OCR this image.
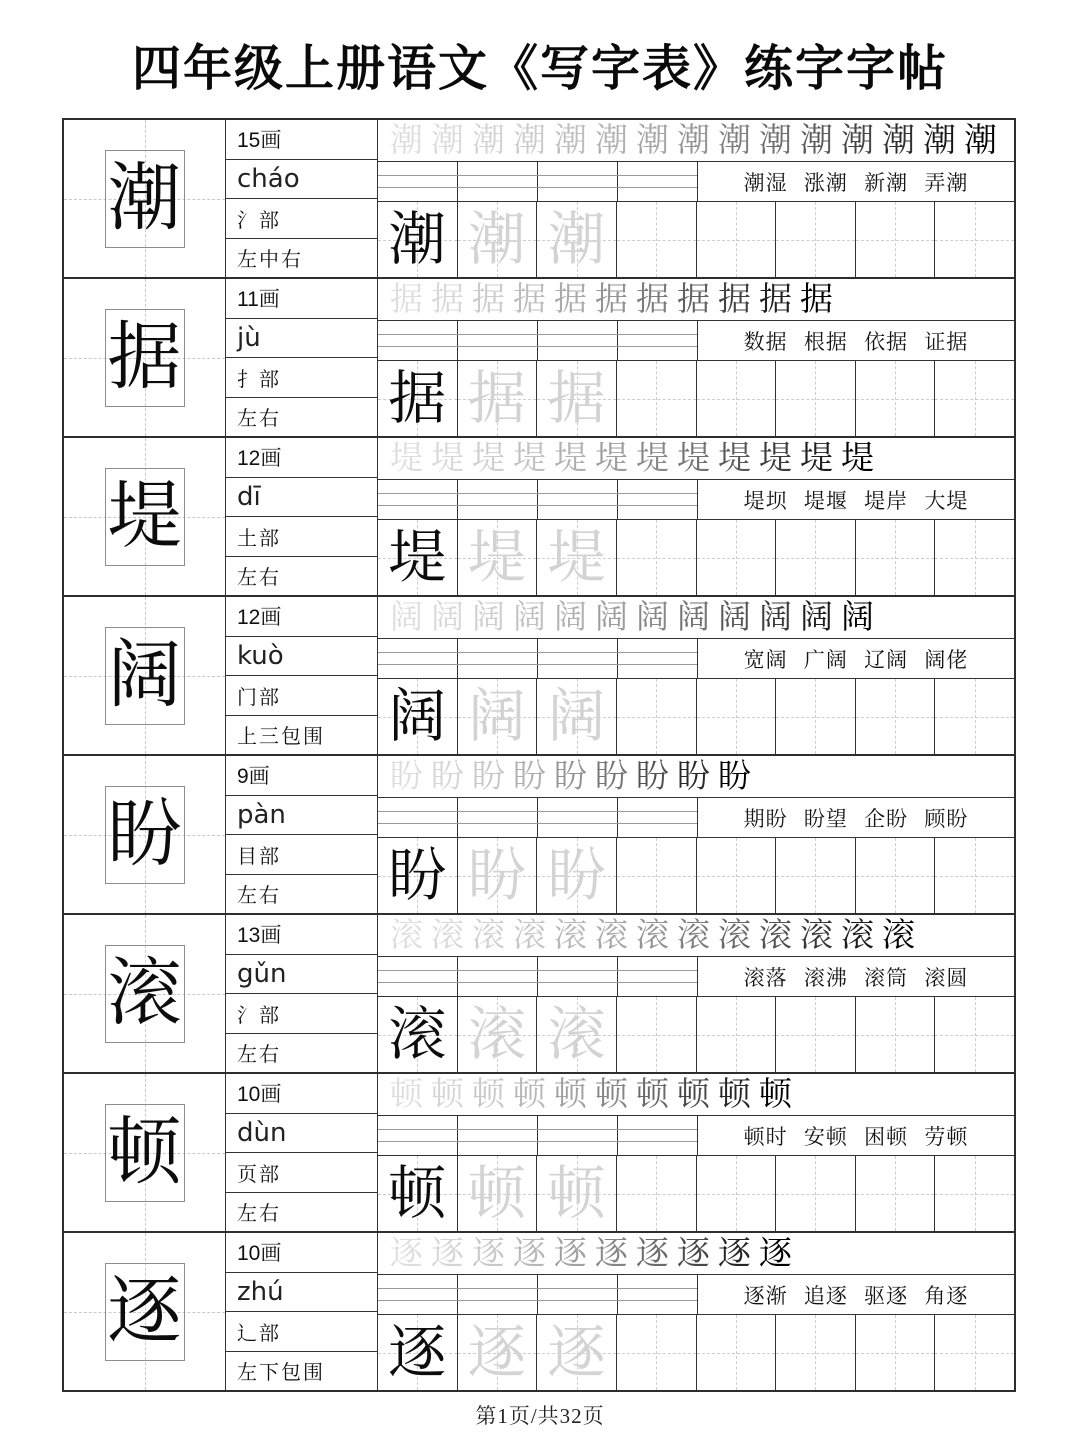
四年级上册语文《写字表》练字字帖
潮
15画
cháo
氵部
左中右
潮 潮 潮 潮 潮 潮 潮 潮 潮 潮 潮 潮 潮 潮 潮
潮湿 涨潮 新潮 弄潮
潮 潮 潮
据
11画
jù
扌部
左右
据 据 据 据 据 据 据 据 据 据 据
数据 根据 依据 证据
据 据 据
堤
12画
dī
土部
左右
堤 堤 堤 堤 堤 堤 堤 堤 堤 堤 堤 堤
堤坝 堤堰 堤岸 大堤
堤 堤 堤
阔
12画
kuò
门部
上三包围
阔 阔 阔 阔 阔 阔 阔 阔 阔 阔 阔 阔
宽阔 广阔 辽阔 阔佬
阔 阔 阔
盼
9画
pàn
目部
左右
盼 盼 盼 盼 盼 盼 盼 盼 盼
期盼 盼望 企盼 顾盼
盼 盼 盼
滚
13画
gǔn
氵部
左右
滚 滚 滚 滚 滚 滚 滚 滚 滚 滚 滚 滚 滚
滚落 滚沸 滚筒 滚圆
滚 滚 滚
顿
10画
dùn
页部
左右
顿 顿 顿 顿 顿 顿 顿 顿 顿 顿
顿时 安顿 困顿 劳顿
顿 顿 顿
逐
10画
zhú
辶部
左下包围
逐 逐 逐 逐 逐 逐 逐 逐 逐 逐
逐渐 追逐 驱逐 角逐
逐 逐 逐
第1页/共32页
